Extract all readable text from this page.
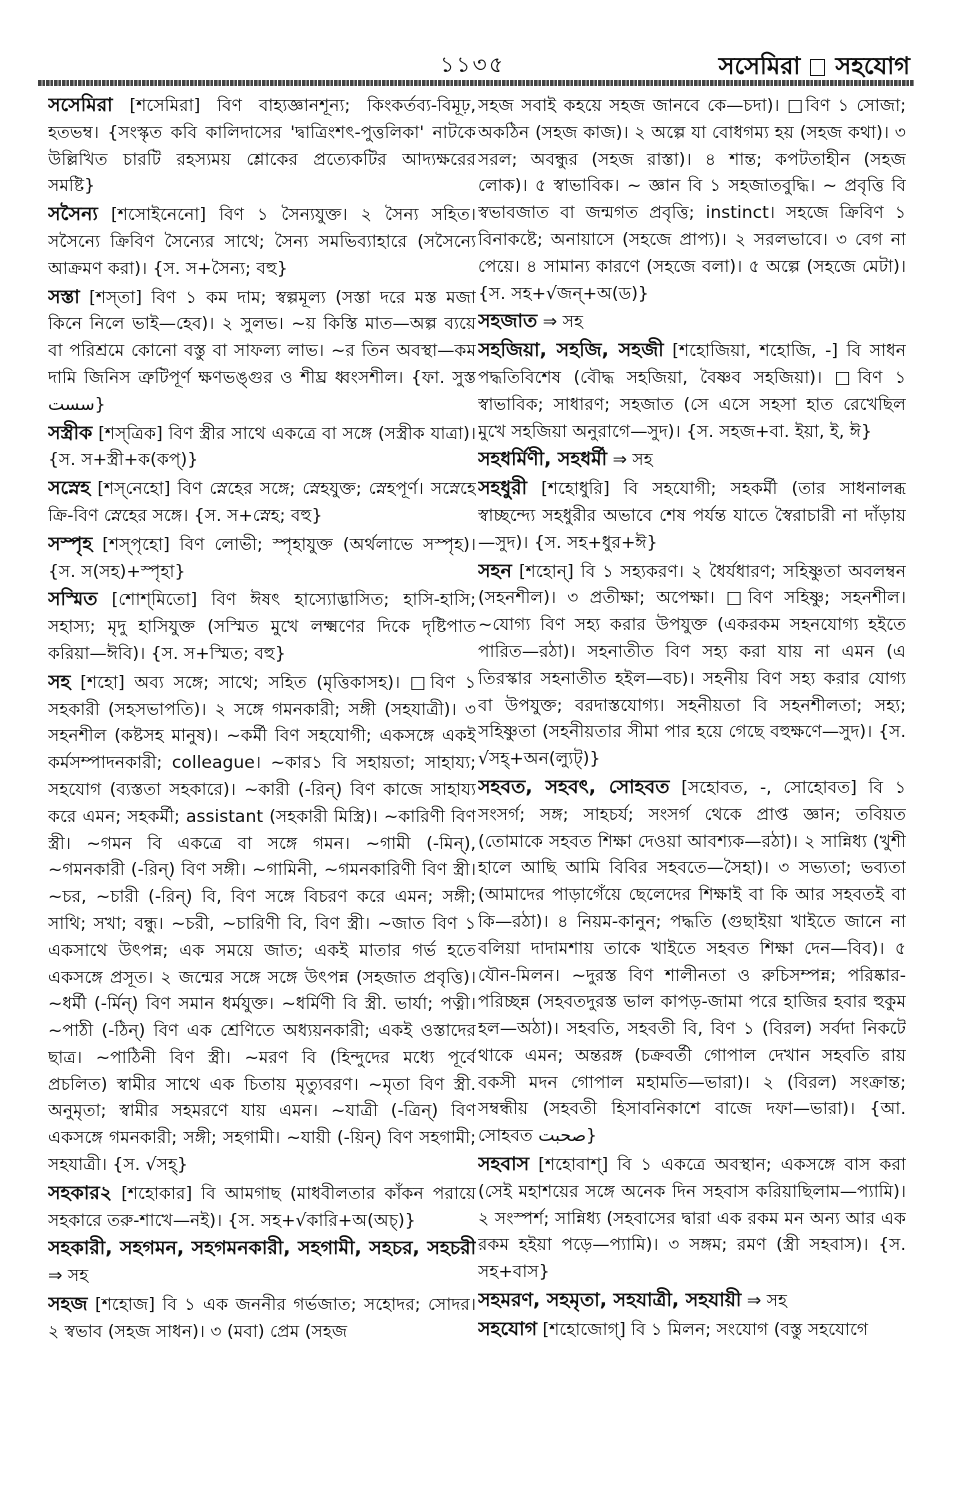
১১৩৫	সসেমিরা সহযোগ

সসেমিরা [শসেমিরা] বিণ বাহ্যজ্ঞানশূন্য; কিংকর্তব্য-বিমূঢ়, হতভম্ব। {সংস্কৃত কবি কালিদাসের 'দ্বাত্রিংশৎ-পুত্তলিকা' নাটকে উল্লিখিত চারটি রহস্যময় শ্লোকের প্রত্যেকটির আদ্যক্ষরের সমষ্টি}

সসৈন্য [শসোইনেনো] বিণ ১ সৈন্যযুক্ত। ২ সৈন্য সহিত। সসৈন্যে ক্রিবিণ সৈন্যের সাথে; সৈন্য সমভিব্যাহারে (সসৈন্যে আক্রমণ করা)। {স. স+সৈন্য; বহু}

সস্তা [শস্‌তা] বিণ ১ কম দাম; স্বল্পমূল্য (সস্তা দরে মস্ত মজা কিনে নিলে ভাই—হেব)। ২ সুলভ। ~য় কিস্তি মাত—অল্প ব্যয়ে বা পরিশ্রমে কোনো বস্তু বা সাফল্য লাভ। ~র তিন অবস্থা—কম দামি জিনিস ত্রুটিপূর্ণ ক্ষণভঙ্গুর ও শীঘ্র ধ্বংসশীল। {ফা. সুস্ত سست}

সস্ত্রীক [শস্‌ত্রিক] বিণ স্ত্রীর সাথে একত্রে বা সঙ্গে (সস্ত্রীক যাত্রা)। {স. স+স্ত্রী+ক(কপ্)}

সস্নেহ [শস্‌নেহো] বিণ স্নেহের সঙ্গে; স্নেহযুক্ত; স্নেহপূর্ণ। সস্নেহে ক্রি-বিণ স্নেহের সঙ্গে। {স. স+স্নেহ; বহু}

সস্পৃহ [শস্‌পৃহো] বিণ লোভী; স্পৃহাযুক্ত (অর্থলাভে সস্পৃহ)। {স. স(সহ)+স্পৃহা}

সস্মিত [শোশ্‌মিতো] বিণ ঈষৎ হাস্যোদ্ভাসিত; হাসি-হাসি; সহাস্য; মৃদু হাসিযুক্ত (সস্মিত মুখে লক্ষ্মণের দিকে দৃষ্টিপাত করিয়া—ঈবি)। {স. স+স্মিত; বহু}

সহ [শহো] অব্য সঙ্গে; সাথে; সহিত (মৃত্তিকাসহ)। □বিণ ১ সহকারী (সহসভাপতি)। ২ সঙ্গে গমনকারী; সঙ্গী (সহযাত্রী)। ৩ সহনশীল (কষ্টসহ মানুষ)। ~কর্মী বিণ সহযোগী; একসঙ্গে একই কর্মসম্পাদনকারী; colleague। ~কার১ বি সহায়তা; সাহায্য; সহযোগ (ব্যস্ততা সহকারে)। ~কারী (-রিন্) বিণ কাজে সাহায্য করে এমন; সহকর্মী; assistant (সহকারী মিস্ত্রি)। ~কারিণী বিণ স্ত্রী। ~গমন বি একত্রে বা সঙ্গে গমন। ~গামী (-মিন্), ~গমনকারী (-রিন্) বিণ সঙ্গী। ~গামিনী, ~গমনকারিণী বিণ স্ত্রী। ~চর, ~চারী (-রিন্) বি, বিণ সঙ্গে বিচরণ করে এমন; সঙ্গী; সাথি; সখা; বন্ধু। ~চরী, ~চারিণী বি, বিণ স্ত্রী। ~জাত বিণ ১ একসাথে উৎপন্ন; এক সময়ে জাত; একই মাতার গর্ভ হতে একসঙ্গে প্রসূত। ২ জন্মের সঙ্গে সঙ্গে উৎপন্ন (সহজাত প্রবৃত্তি)। ~ধর্মী (-র্মিন্) বিণ সমান ধর্মযুক্ত। ~ধর্মিণী বি স্ত্রী. ভার্যা; পত্নী। ~পাঠী (-ঠিন্) বিণ এক শ্রেণিতে অধ্যয়নকারী; একই ওস্তাদের ছাত্র। ~পাঠিনী বিণ স্ত্রী। ~মরণ বি (হিন্দুদের মধ্যে পূর্বে প্রচলিত) স্বামীর সাথে এক চিতায় মৃত্যুবরণ। ~মৃতা বিণ স্ত্রী. অনুমৃতা; স্বামীর সহমরণে যায় এমন। ~যাত্রী (-ত্রিন্) বিণ একসঙ্গে গমনকারী; সঙ্গী; সহগামী। ~যায়ী (-য়িন্) বিণ সহগামী; সহযাত্রী। {স. √সহ্}

সহকার২ [শহোকার] বি আমগাছ (মাধবীলতার কাঁকন পরায়ে সহকারে তরু-শাখে—নই)। {স. সহ+√কারি+অ(অচ্)}

সহকারী, সহগমন, সহগমনকারী, সহগামী, সহচর, সহচরী ⇒ সহ

সহজ [শহোজ] বি ১ এক জননীর গর্ভজাত; সহোদর; সোদর। ২ স্বভাব (সহজ সাধন)। ৩ (মবা) প্রেম (সহজ

সহজ সবাই কহয়ে সহজ জানবে কে—চদা)। □বিণ ১ সোজা; অকঠিন (সহজ কাজ)। ২ অল্পে যা বোধগম্য হয় (সহজ কথা)। ৩ সরল; অবন্ধুর (সহজ রাস্তা)। ৪ শান্ত; কপটতাহীন (সহজ লোক)। ৫ স্বাভাবিক। ~ জ্ঞান বি ১ সহজাতবুদ্ধি। ~ প্রবৃত্তি বি স্বভাবজাত বা জন্মগত প্রবৃত্তি; instinct। সহজে ক্রিবিণ ১ বিনাকষ্টে; অনায়াসে (সহজে প্রাপ্য)। ২ সরলভাবে। ৩ বেগ না পেয়ে। ৪ সামান্য কারণে (সহজে বলা)। ৫ অল্পে (সহজে মেটা)। {স. সহ+√জন্+অ(ড)}

সহজাত ⇒ সহ

সহজিয়া, সহজি, সহজী [শহোজিয়া, শহোজি, -] বি সাধন পদ্ধতিবিশেষ (বৌদ্ধ সহজিয়া, বৈষ্ণব সহজিয়া)। □বিণ ১ স্বাভাবিক; সাধারণ; সহজাত (সে এসে সহসা হাত রেখেছিল মুখে সহজিয়া অনুরাগে—সুদ)। {স. সহজ+বা. ইয়া, ই, ঈ}

সহধর্মিণী, সহধর্মী ⇒ সহ

সহধুরী [শহোধুরি] বি সহযোগী; সহকর্মী (তার সাধনালব্ধ স্বাচ্ছন্দ্যে সহধুরীর অভাবে শেষ পর্যন্ত যাতে স্বৈরাচারী না দাঁড়ায়—সুদ)। {স. সহ+ধুর+ঈ}

সহন [শহোন্] বি ১ সহ্যকরণ। ২ ধৈর্যধারণ; সহিষ্ণুতা অবলম্বন (সহনশীল)। ৩ প্রতীক্ষা; অপেক্ষা। □বিণ সহিষ্ণু; সহনশীল। ~যোগ্য বিণ সহ্য করার উপযুক্ত (একরকম সহনযোগ্য হইতে পারিত—রঠা)। সহনাতীত বিণ সহ্য করা যায় না এমন (এ তিরস্কার সহনাতীত হইল—বচ)। সহনীয় বিণ সহ্য করার যোগ্য বা উপযুক্ত; বরদাস্তযোগ্য। সহনীয়তা বি সহনশীলতা; সহ্য; সহিষ্ণুতা (সহনীয়তার সীমা পার হয়ে গেছে বহুক্ষণে—সুদ)। {স. √সহ্+অন(ল্যুট্)}

সহবত, সহবৎ, সোহবত [সহোবত, -, সোহোবত] বি ১ সংসর্গ; সঙ্গ; সাহচর্য; সংসর্গ থেকে প্রাপ্ত জ্ঞান; তবিয়ত (তোমাকে সহবত শিক্ষা দেওয়া আবশ্যক—রঠা)। ২ সান্নিধ্য (খুশী হালে আছি আমি বিবির সহবতে—সৈহা)। ৩ সভ্যতা; ভব্যতা (আমাদের পাড়াগেঁয়ে ছেলেদের শিক্ষাই বা কি আর সহবতই বা কি—রঠা)। ৪ নিয়ম-কানুন; পদ্ধতি (গুছাইয়া খাইতে জানে না বলিয়া দাদামশায় তাকে খাইতে সহবত শিক্ষা দেন—বিব)। ৫ যৌন-মিলন। ~দুরস্ত বিণ শালীনতা ও রুচিসম্পন্ন; পরিষ্কার-পরিচ্ছন্ন (সহবতদুরস্ত ভাল কাপড়-জামা পরে হাজির হবার হুকুম হল—অঠা)। সহবতি, সহবতী বি, বিণ ১ (বিরল) সর্বদা নিকটে থাকে এমন; অন্তরঙ্গ (চক্রবর্তী গোপাল দেখান সহবতি রায় বকসী মদন গোপাল মহামতি—ভারা)। ২ (বিরল) সংক্রান্ত; সম্বন্ধীয় (সহবতী হিসাবনিকাশে বাজে দফা—ভারা)। {আ. সোহবত صحبت}

সহবাস [শহোবাশ্] বি ১ একত্রে অবস্থান; একসঙ্গে বাস করা (সেই মহাশয়ের সঙ্গে অনেক দিন সহবাস করিয়াছিলাম—প্যামি)। ২ সংস্পর্শ; সান্নিধ্য (সহবাসের দ্বারা এক রকম মন অন্য আর এক রকম হইয়া পড়ে—প্যামি)। ৩ সঙ্গম; রমণ (স্ত্রী সহবাস)। {স. সহ+বাস}

সহমরণ, সহমৃতা, সহযাত্রী, সহযায়ী ⇒ সহ

সহযোগ [শহোজোগ্] বি ১ মিলন; সংযোগ (বস্তু সহযোগে
